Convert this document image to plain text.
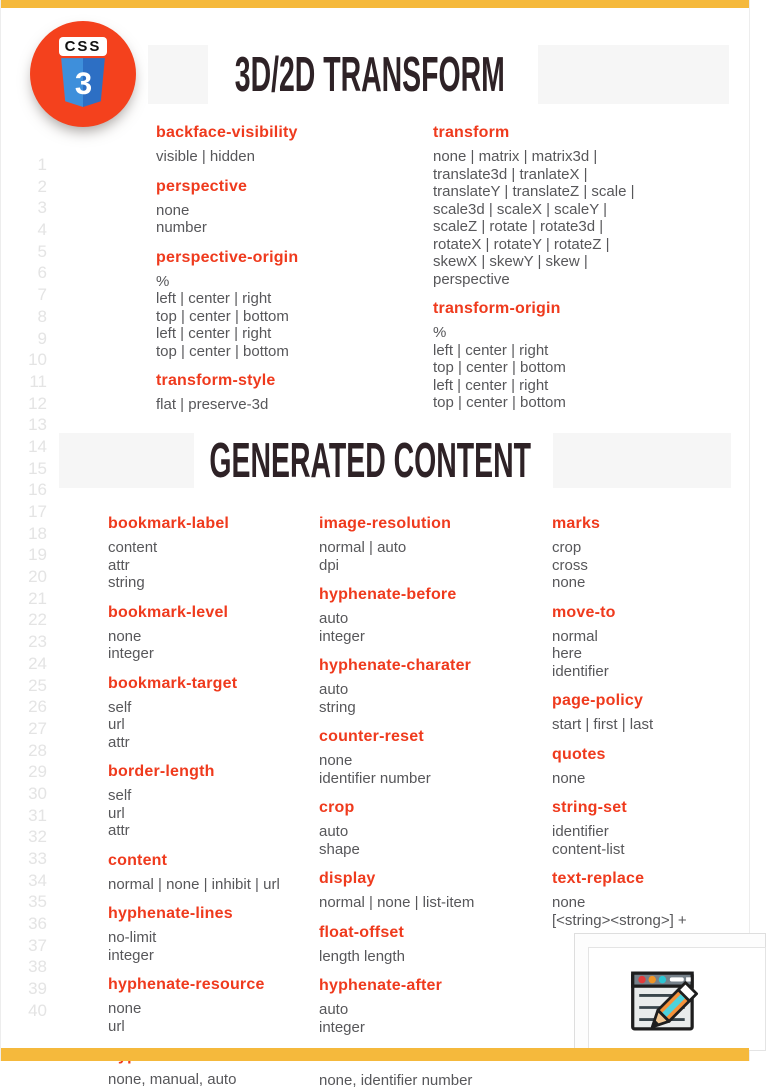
CSS
3	3D/2D TRANSFORM
1
2
3
4
5
6
7
8
9
10
11
12
13
14
15
16
17
18
19
20
21
22
23
24
25
26
27
28
29
30
31
32
33
34
35
36
37
38
39
40
backface-visibility
visible | hidden
perspective
none
number
perspective-origin
%
left | center | right
top | center | bottom
left | center | right
top | center | bottom
transform-style
flat | preserve-3d
transform
none | matrix | matrix3d |
translate3d | tranlateX |
translateY | translateZ | scale |
scale3d | scaleX | scaleY |
scaleZ | rotate | rotate3d |
rotateX | rotateY | rotateZ |
skewX | skewY | skew |
perspective
transform-origin
%
left | center | right
top | center | bottom
left | center | right
top | center | bottom
GENERATED CONTENT
bookmark-label
content
attr
string
bookmark-level
none
integer
bookmark-target
self
url
attr
border-length
self
url
attr
content
normal | none | inhibit | url
hyphenate-lines
no-limit
integer
hyphenate-resource
none
url
none, manual, auto
image-resolution
normal | auto
dpi
hyphenate-before
auto
integer
hyphenate-charater
auto
string
counter-reset
none
identifier number
crop
auto
shape
display
normal | none | list-item
float-offset
length length
hyphenate-after
auto
integer
none, identifier number
marks
crop
cross
none
move-to
normal
here
identifier
page-policy
start | first | last
quotes
none
string-set
identifier
content-list
text-replace
none
[<string><strong>] +
